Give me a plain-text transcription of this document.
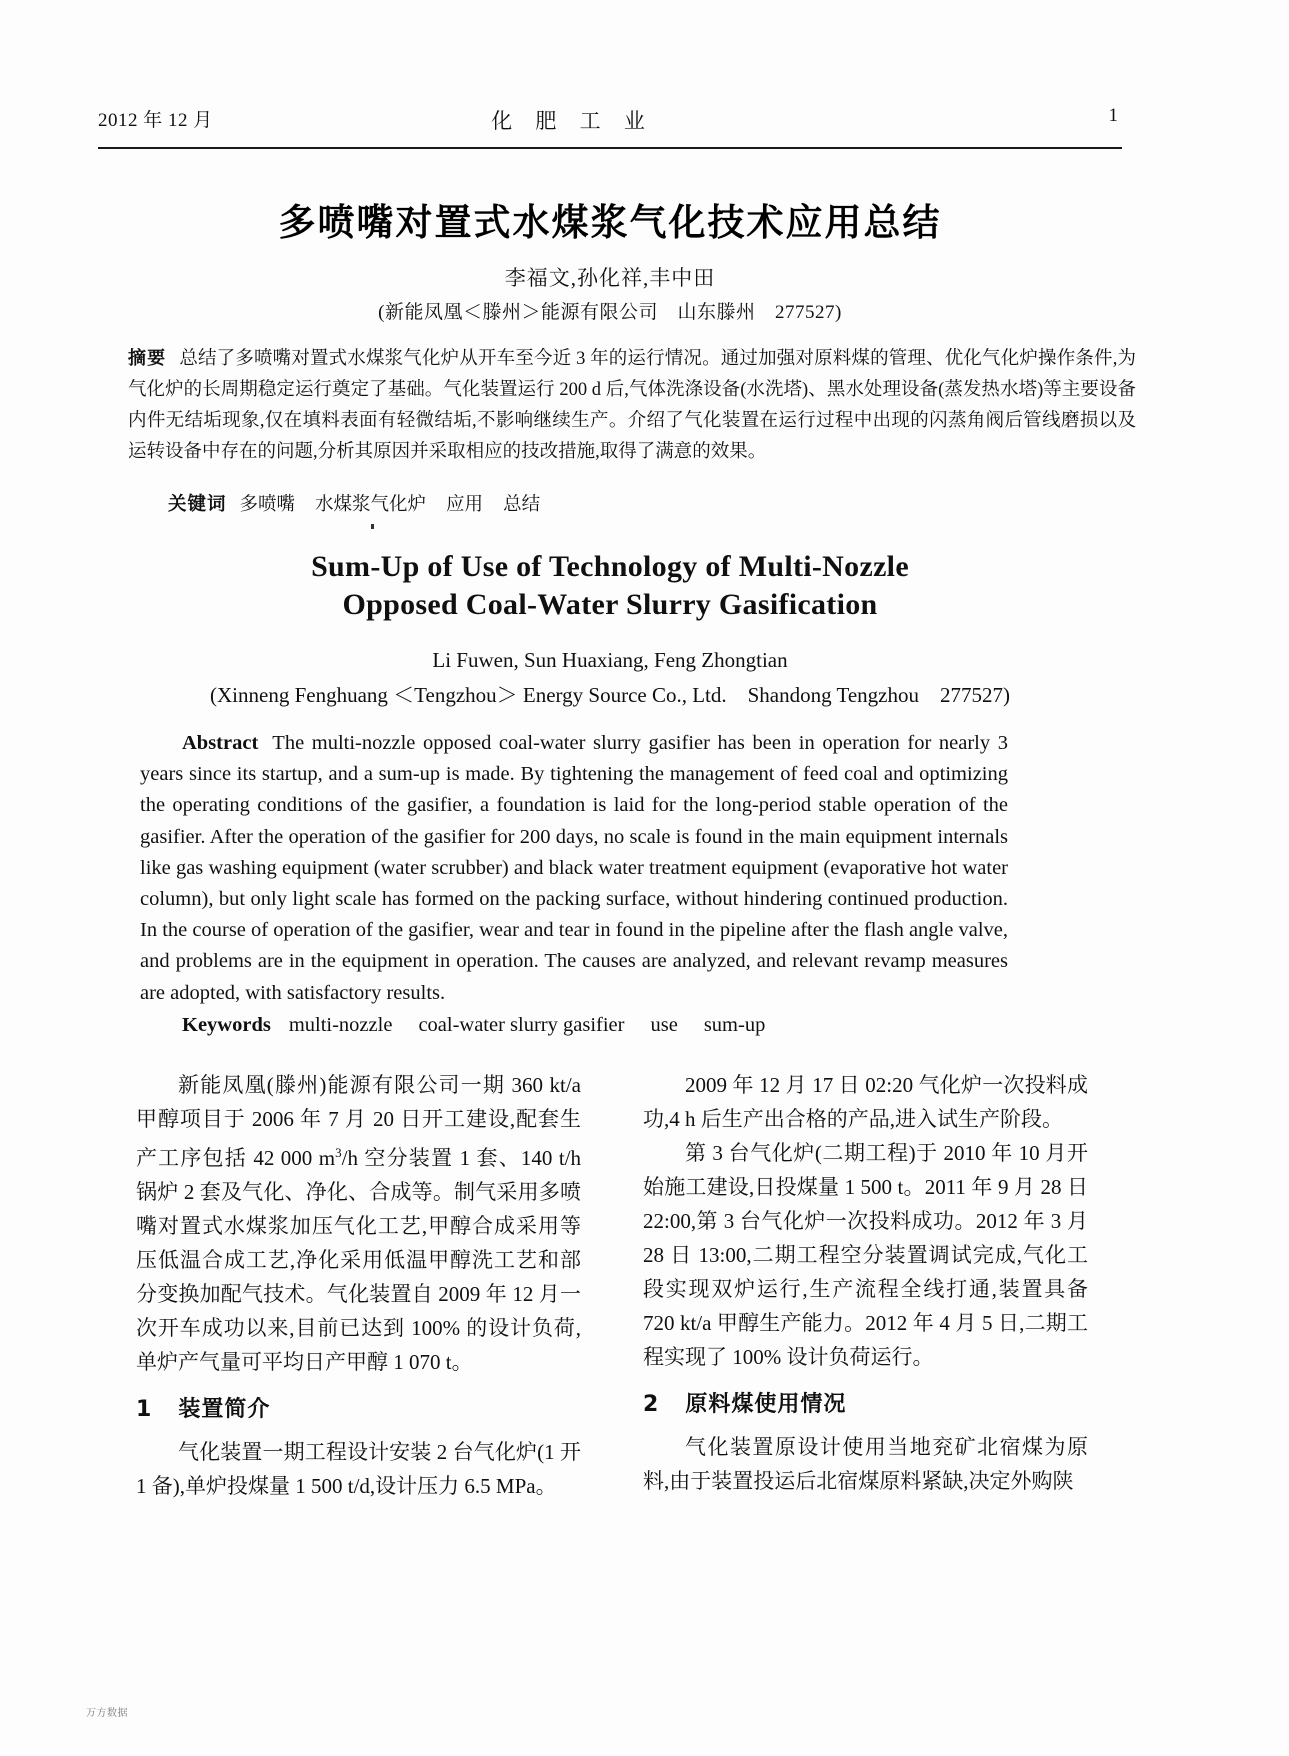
2012 年 12 月	化 肥 工 业	1
多喷嘴对置式水煤浆气化技术应用总结
李福文,孙化祥,丰中田
(新能凤凰＜滕州＞能源有限公司　山东滕州　277527)
摘要 总结了多喷嘴对置式水煤浆气化炉从开车至今近 3 年的运行情况。通过加强对原料煤的管理、优化气化炉操作条件,为气化炉的长周期稳定运行奠定了基础。气化装置运行 200 d 后,气体洗涤设备(水洗塔)、黑水处理设备(蒸发热水塔)等主要设备内件无结垢现象,仅在填料表面有轻微结垢,不影响继续生产。介绍了气化装置在运行过程中出现的闪蒸角阀后管线磨损以及运转设备中存在的问题,分析其原因并采取相应的技改措施,取得了满意的效果。
关键词 多喷嘴 水煤浆气化炉 应用 总结
Sum-Up of Use of Technology of Multi-Nozzle
Opposed Coal-Water Slurry Gasification
Li Fuwen, Sun Huaxiang, Feng Zhongtian
(Xinneng Fenghuang ＜Tengzhou＞ Energy Source Co., Ltd.　Shandong Tengzhou　277527)

Abstract The multi-nozzle opposed coal-water slurry gasifier has been in operation for nearly 3 years since its startup, and a sum-up is made. By tightening the management of feed coal and optimizing the operating conditions of the gasifier, a foundation is laid for the long-period stable operation of the gasifier. After the operation of the gasifier for 200 days, no scale is found in the main equipment internals like gas washing equipment (water scrubber) and black water treatment equipment (evaporative hot water column), but only light scale has formed on the packing surface, without hindering continued production. In the course of operation of the gasifier, wear and tear in found in the pipeline after the flash angle valve, and problems are in the equipment in operation. The causes are analyzed, and relevant revamp measures are adopted, with satisfactory results.

Keywords multi-nozzle coal-water slurry gasifier use sum-up

新能凤凰(滕州)能源有限公司一期 360 kt/a 甲醇项目于 2006 年 7 月 20 日开工建设,配套生产工序包括 42 000 $m^3/h$ 空分装置 1 套、140 t/h 锅炉 2 套及气化、净化、合成等。制气采用多喷嘴对置式水煤浆加压气化工艺,甲醇合成采用等压低温合成工艺,净化采用低温甲醇洗工艺和部分变换加配气技术。气化装置自 2009 年 12 月一次开车成功以来,目前已达到 100% 的设计负荷,单炉产气量可平均日产甲醇 1 070 t。

1 装置简介

气化装置一期工程设计安装 2 台气化炉(1 开 1 备),单炉投煤量 1 500 t/d,设计压力 6.5 MPa。

2009 年 12 月 17 日 02:20 气化炉一次投料成功,4 h 后生产出合格的产品,进入试生产阶段。

第 3 台气化炉(二期工程)于 2010 年 10 月开始施工建设,日投煤量 1 500 t。2011 年 9 月 28 日 22:00,第 3 台气化炉一次投料成功。2012 年 3 月 28 日 13:00,二期工程空分装置调试完成,气化工段实现双炉运行,生产流程全线打通,装置具备 720 kt/a 甲醇生产能力。2012 年 4 月 5 日,二期工程实现了 100% 设计负荷运行。

2 原料煤使用情况

气化装置原设计使用当地兖矿北宿煤为原料,由于装置投运后北宿煤原料紧缺,决定外购陕

万方数据
